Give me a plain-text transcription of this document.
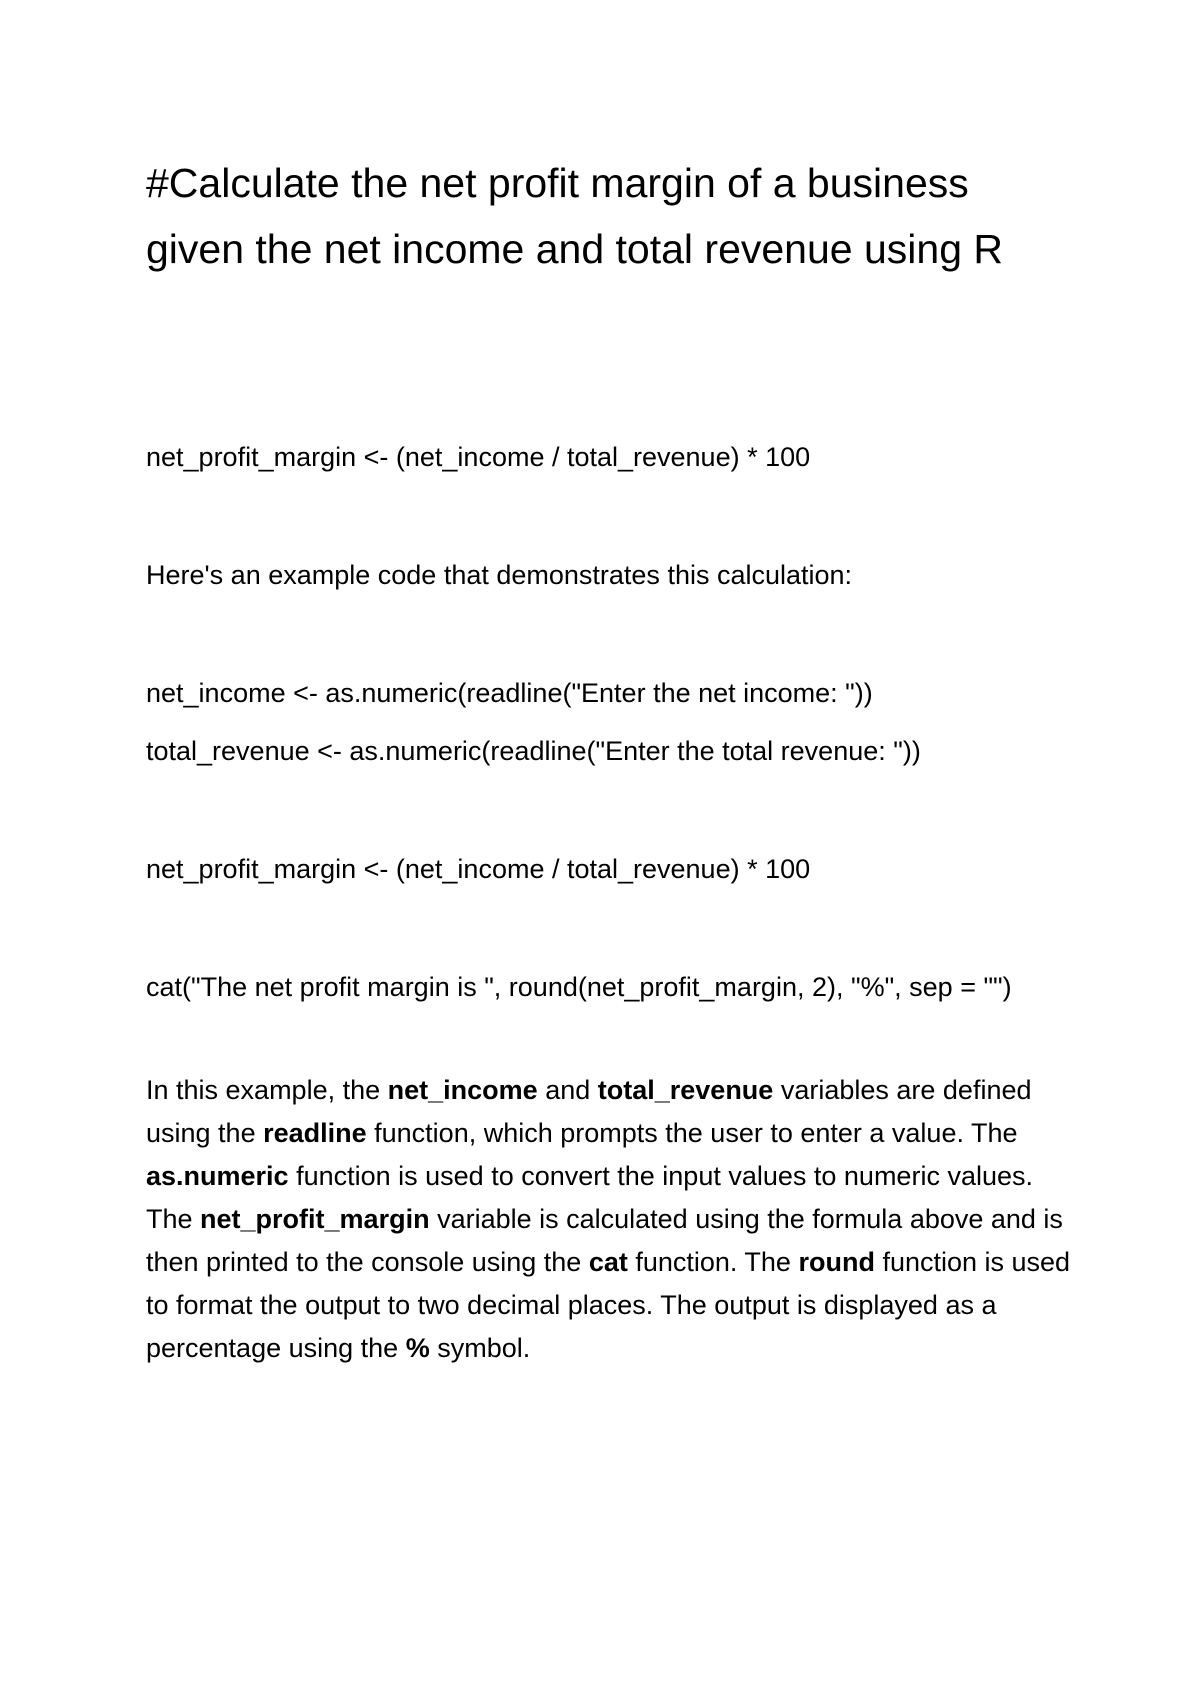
#Calculate the net profit margin of a business given the net income and total revenue using R

net_profit_margin <- (net_income / total_revenue) * 100

Here's an example code that demonstrates this calculation:

net_income <- as.numeric(readline("Enter the net income: "))

total_revenue <- as.numeric(readline("Enter the total revenue: "))

net_profit_margin <- (net_income / total_revenue) * 100

cat("The net profit margin is ", round(net_profit_margin, 2), "%", sep = "")

In this example, the net_income and total_revenue variables are defined using the readline function, which prompts the user to enter a value. The as.numeric function is used to convert the input values to numeric values. The net_profit_margin variable is calculated using the formula above and is then printed to the console using the cat function. The round function is used to format the output to two decimal places. The output is displayed as a percentage using the % symbol.
